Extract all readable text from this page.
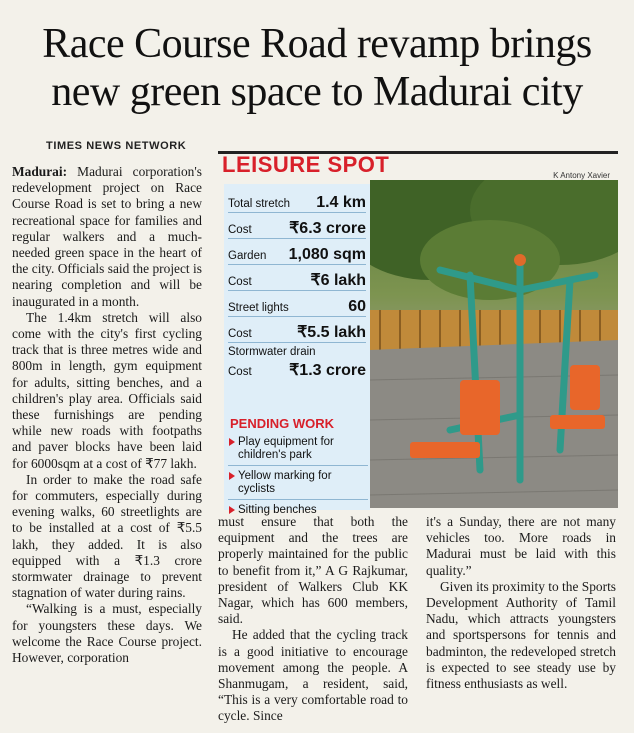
Race Course Road revamp brings
new green space to Madurai city
TIMES NEWS NETWORK

Madurai: Madurai corporation's redevelopment project on Race Course Road is set to bring a new recreational space for families and regular walkers and a much-needed green space in the heart of the city. Officials said the project is nearing completion and will be inaugurated in a month.

The 1.4km stretch will also come with the city's first cycling track that is three metres wide and 800m in length, gym equipment for adults, sitting benches, and a children's play area. Officials said these furnishings are pending while new roads with footpaths and paver blocks have been laid for 6000sqm at a cost of ₹77 lakh.

In order to make the road safe for commuters, especially during evening walks, 60 streetlights are to be installed at a cost of ₹5.5 lakh, they added. It is also equipped with a ₹1.3 crore stormwater drainage to prevent stagnation of water during rains.

“Walking is a must, especially for youngsters these days. We welcome the Race Course project. However, corporation

LEISURE SPOT	K Antony Xavier
Total stretch 1.4 km
Cost ₹6.3 crore
Garden 1,080 sqm
Cost	₹6 lakh
Street lights	60
Cost	₹5.5 lakh
Stormwater drain
Cost ₹1.3 crore
PENDING WORK
Play equipment for children's park
Yellow marking for cyclists
Sitting benches

must ensure that both the equipment and the trees are properly maintained for the public to benefit from it,” A G Rajkumar, president of Walkers Club KK Nagar, which has 600 members, said.

He added that the cycling track is a good initiative to encourage movement among the people. A Shanmugam, a resident, said, “This is a very comfortable road to cycle. Since

it's a Sunday, there are not many vehicles too. More roads in Madurai must be laid with this quality.”

Given its proximity to the Sports Development Authority of Tamil Nadu, which attracts youngsters and sportspersons for tennis and badminton, the redeveloped stretch is expected to see steady use by fitness enthusiasts as well.
